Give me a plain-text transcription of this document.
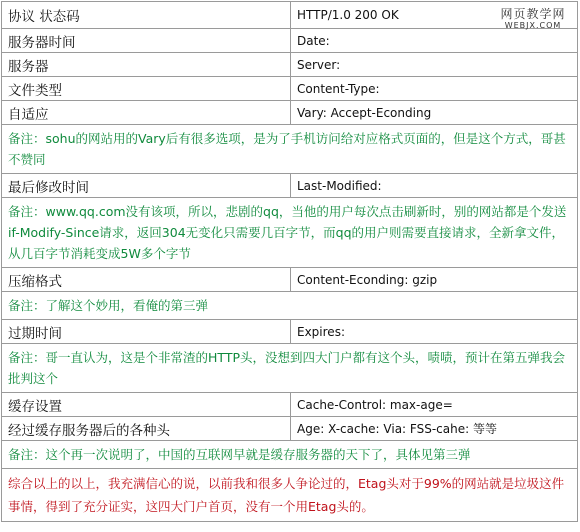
协议 状态码	HTTP/1.0 200 OK
服务器时间	Date:
服务器	Server:
文件类型	Content-Type:
自适应	Vary: Accept-Econding
备注：sohu的网站用的Vary后有很多选项，是为了手机访问给对应格式页面的，但是这个方式，哥甚不赞同	
最后修改时间	Last-Modified:
备注：www.qq.com没有该项，所以，悲剧的qq，当他的用户每次点击刷新时，别的网站都是个发送if-Modify-Since请求，返回304无变化只需要几百字节，而qq的用户则需要直接请求，全新拿文件，从几百字节消耗变成5W多个字节	
压缩格式	Content-Econding: gzip
备注：了解这个妙用，看俺的第三弹	
过期时间	Expires:
备注：哥一直认为，这是个非常渣的HTTP头，没想到四大门户都有这个头，啧啧，预计在第五弹我会批判这个	
缓存设置	Cache-Control: max-age=
经过缓存服务器后的各种头	Age: X-cache: Via: FSS-cahe: 等等
备注：这个再一次说明了，中国的互联网早就是缓存服务器的天下了，具体见第三弹	
综合以上的以上，我充满信心的说，以前我和很多人争论过的，Etag头对于99%的网站就是垃圾这件事情，得到了充分证实，这四大门户首页，没有一个用Etag头的。	
网页教学网
WEBJX.COM
